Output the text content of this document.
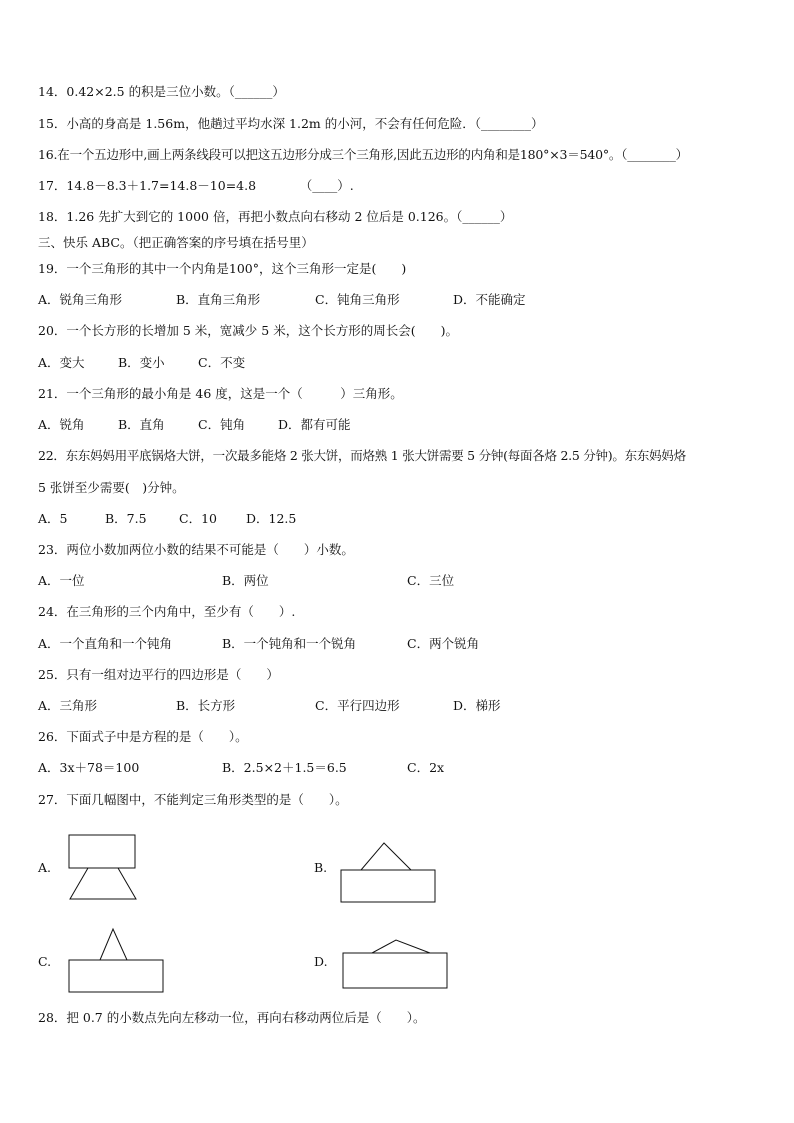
14．0.42×2.5 的积是三位小数。（______）
15．小高的身高是 1.56m，他趟过平均水深 1.2m 的小河，不会有任何危险．（________）
16.在一个五边形中,画上两条线段可以把这五边形分成三个三角形,因此五边形的内角和是180°×3＝540°。（________）
17．14.8－8.3＋1.7=14.8－10=4.8　　　　（____）.
18．1.26 先扩大到它的 1000 倍，再把小数点向右移动 2 位后是 0.126。（______）
三、快乐 ABC。（把正确答案的序号填在括号里）
19．一个三角形的其中一个内角是100°，这个三角形一定是(　　)
A．锐角三角形	B．直角三角形	C．钝角三角形	D．不能确定
20．一个长方形的长增加 5 米，宽减少 5 米，这个长方形的周长会(　　)。
A．变大	B．变小	C．不变
21．一个三角形的最小角是 46 度，这是一个（　　　）三角形。
A．锐角	B．直角	C．钝角	D．都有可能
22．东东妈妈用平底锅烙大饼，一次最多能烙 2 张大饼，而烙熟 1 张大饼需要 5 分钟(每面各烙 2.5 分钟)。东东妈妈烙
5 张饼至少需要(　)分钟。
A．5	B．7.5	C．10 D．12.5
23．两位小数加两位小数的结果不可能是（　　）小数。
A．一位	B．两位	C．三位
24．在三角形的三个内角中，至少有（　　）.
A．一个直角和一个钝角	B．一个钝角和一个锐角	C．两个锐角
25．只有一组对边平行的四边形是（　　）
A．三角形	B．长方形	C．平行四边形	D．梯形
26．下面式子中是方程的是（　　）。
A．3x＋78＝100	B．2.5×2＋1.5＝6.5	C．2x
27．下面几幅图中，不能判定三角形类型的是（　　）。
A.	B.
C.	D.
28．把 0.7 的小数点先向左移动一位，再向右移动两位后是（　　）。
